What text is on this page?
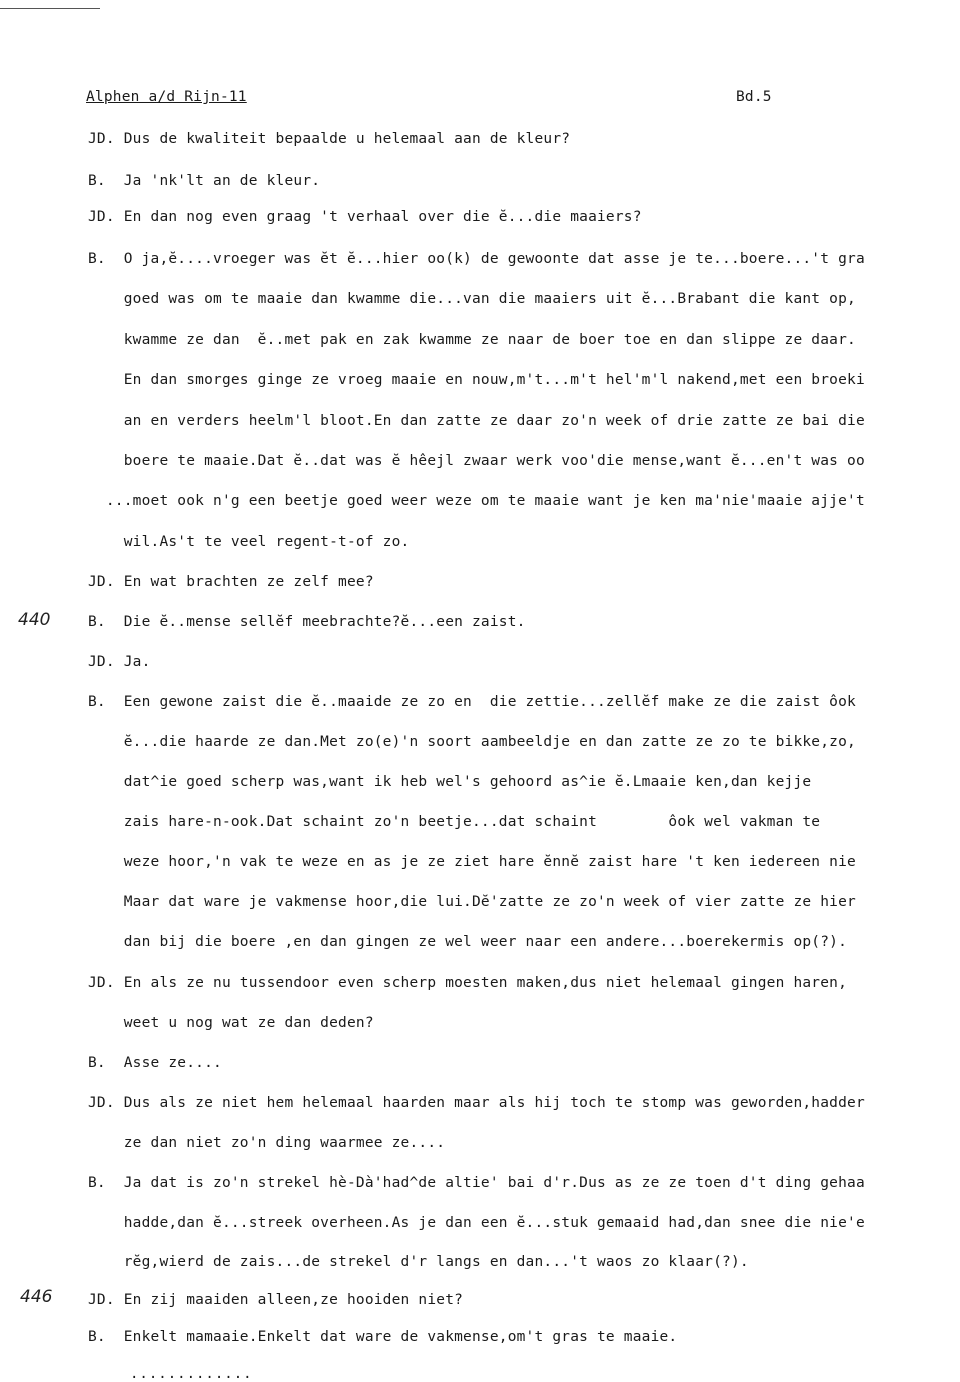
Alphen a/d Rijn-11	Bd.5
440
446
JD. Dus de kwaliteit bepaalde u helemaal aan de kleur?
B.  Ja 'nk'lt an de kleur.
JD. En dan nog even graag 't verhaal over die ĕ...die maaiers?
B.  O ja,ĕ....vroeger was ĕt ĕ...hier oo(k) de gewoonte dat asse je te...boere...'t gra
goed was om te maaie dan kwamme die...van die maaiers uit ĕ...Brabant die kant op,
kwamme ze dan  ĕ..met pak en zak kwamme ze naar de boer toe en dan slippe ze daar.
En dan smorges ginge ze vroeg maaie en nouw,m't...m't hel'm'l nakend,met een broeki
an en verders heelm'l bloot.En dan zatte ze daar zo'n week of drie zatte ze bai die
boere te maaie.Dat ĕ..dat was ĕ hêejl zwaar werk voo'die mense,want ĕ...en't was oo
...moet ook n'g een beetje goed weer weze om te maaie want je ken ma'nie'maaie ajje't
wil.As't te veel regent-t-of zo.
JD. En wat brachten ze zelf mee?
B.  Die ĕ..mense sellĕf meebrachte?ĕ...een zaist.
JD. Ja.
B.  Een gewone zaist die ĕ..maaide ze zo en  die zettie...zellĕf make ze die zaist ôok
ĕ...die haarde ze dan.Met zo(e)'n soort aambeeldje en dan zatte ze zo te bikke,zo,
dat^ie goed scherp was,want ik heb wel's gehoord as^ie ĕ.Lmaaie ken,dan kejje
zais hare-n-ook.Dat schaint zo'n beetje...dat schaint        ôok wel vakman te
weze hoor,'n vak te weze en as je ze ziet hare ĕnnĕ zaist hare 't ken iedereen nie
Maar dat ware je vakmense hoor,die lui.Dĕ'zatte ze zo'n week of vier zatte ze hier
dan bij die boere ,en dan gingen ze wel weer naar een andere...boerekermis op(?).
JD. En als ze nu tussendoor even scherp moesten maken,dus niet helemaal gingen haren,
weet u nog wat ze dan deden?
B.  Asse ze....
JD. Dus als ze niet hem helemaal haarden maar als hij toch te stomp was geworden,hadder
ze dan niet zo'n ding waarmee ze....
B.  Ja dat is zo'n strekel hè-Dà'had^de altie' bai d'r.Dus as ze ze toen d't ding gehaa
hadde,dan ĕ...streek overheen.As je dan een ĕ...stuk gemaaid had,dan snee die nie'e
rĕg,wierd de zais...de strekel d'r langs en dan...'t waos zo klaar(?).
JD. En zij maaiden alleen,ze hooiden niet?
B.  Enkelt mamaaie.Enkelt dat ware de vakmense,om't gras te maaie.
.............
